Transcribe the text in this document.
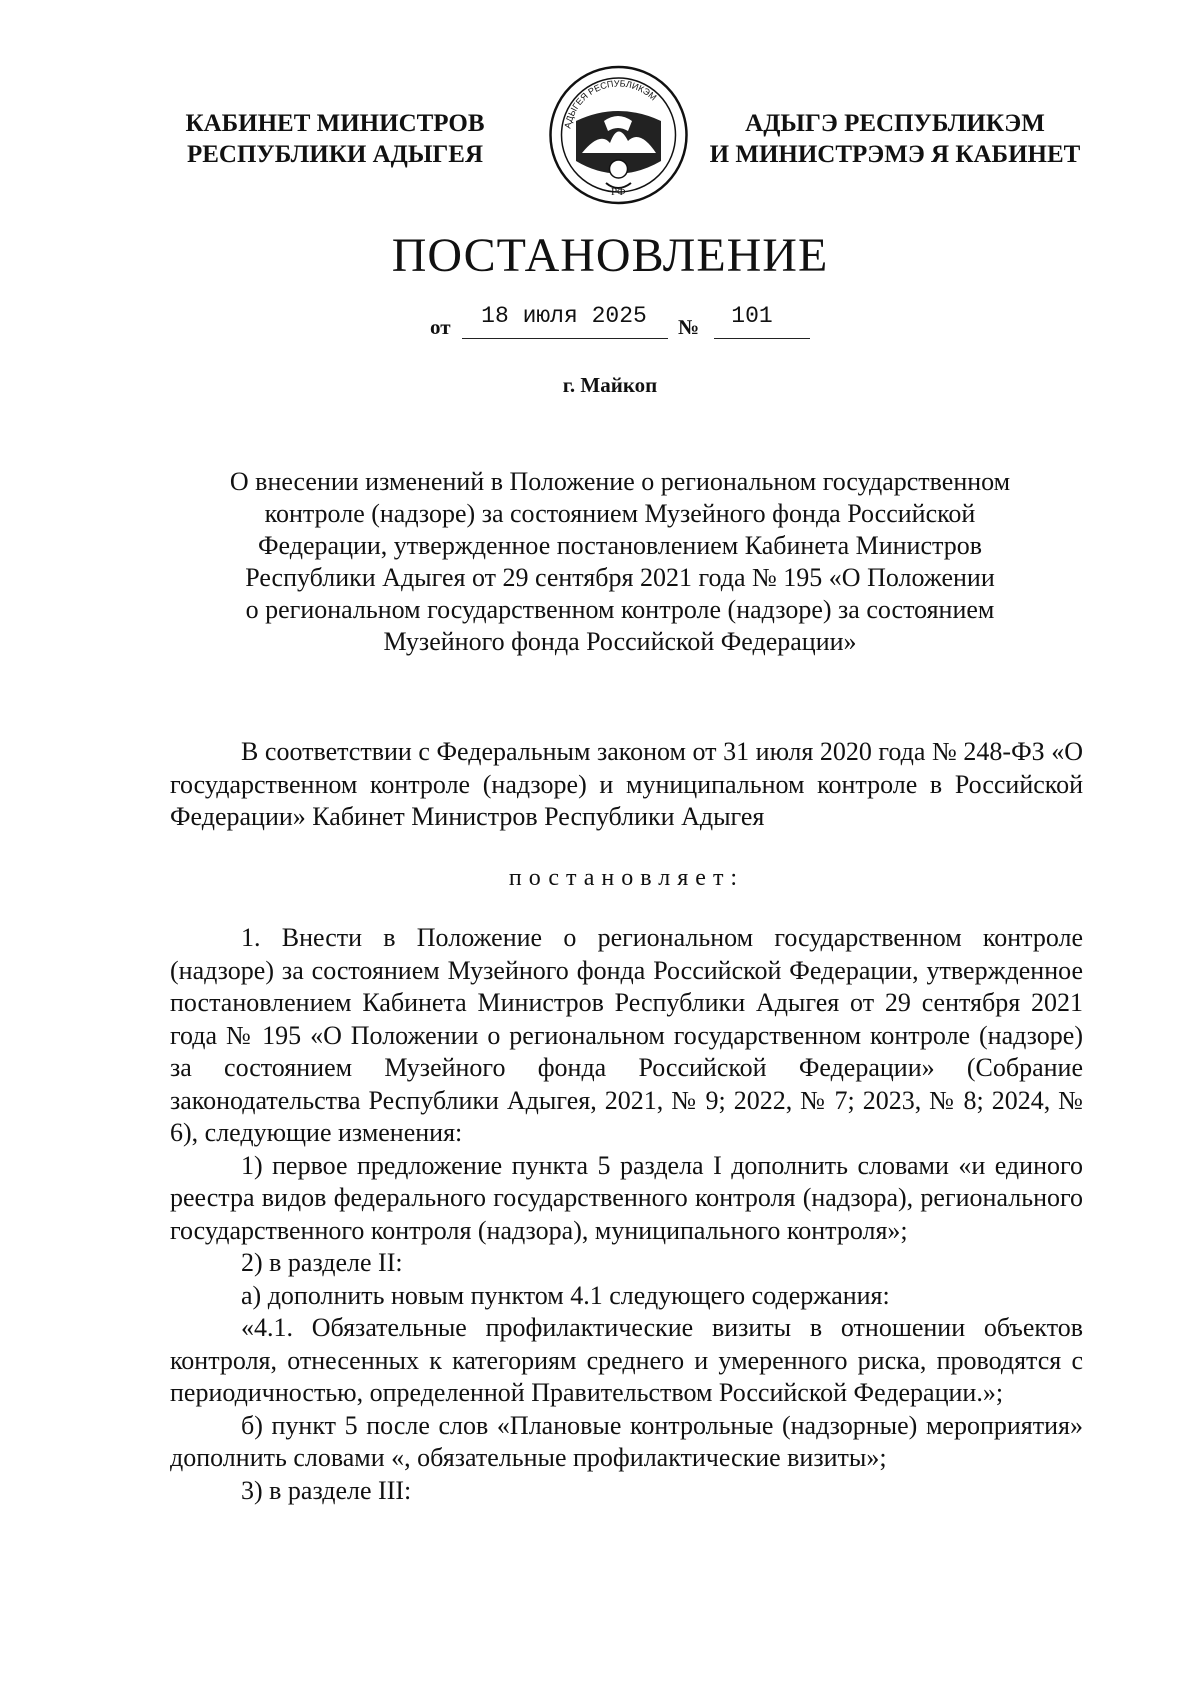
КАБИНЕТ МИНИСТРОВ
РЕСПУБЛИКИ АДЫГЕЯ
РФ
АДЫГЕЯ РЕСПУБЛИКЭМ
АДЫГЭ РЕСПУБЛИКЭМ
И МИНИСТРЭМЭ Я КАБИНЕТ
ПОСТАНОВЛЕНИЕ
от	18 июля 2025	№	101
г. Майкоп
О внесении изменений в Положение о региональном государственном
контроле (надзоре) за состоянием Музейного фонда Российской
Федерации, утвержденное постановлением Кабинета Министров
Республики Адыгея от 29 сентября 2021 года № 195 «О Положении
о региональном государственном контроле (надзоре) за состоянием
Музейного фонда Российской Федерации»

В соответствии с Федеральным законом от 31 июля 2020 года № 248-ФЗ «О государственном контроле (надзоре) и муниципальном контроле в Российской Федерации» Кабинет Министров Республики Адыгея

постановляет:

1. Внести в Положение о региональном государственном контроле (надзоре) за состоянием Музейного фонда Российской Федерации, утвержденное постановлением Кабинета Министров Республики Адыгея от 29 сентября 2021 года № 195 «О Положении о региональном государственном контроле (надзоре) за состоянием Музейного фонда Российской Федерации» (Собрание законодательства Республики Адыгея, 2021, № 9; 2022, № 7; 2023, № 8; 2024, № 6), следующие изменения:

1) первое предложение пункта 5 раздела I дополнить словами «и единого реестра видов федерального государственного контроля (надзора), регионального государственного контроля (надзора), муниципального контроля»;

2) в разделе II:

а) дополнить новым пунктом 4.1 следующего содержания:

«4.1. Обязательные профилактические визиты в отношении объектов контроля, отнесенных к категориям среднего и умеренного риска, проводятся с периодичностью, определенной Правительством Российской Федерации.»;

б) пункт 5 после слов «Плановые контрольные (надзорные) мероприятия» дополнить словами «, обязательные профилактические визиты»;

3) в разделе III:
